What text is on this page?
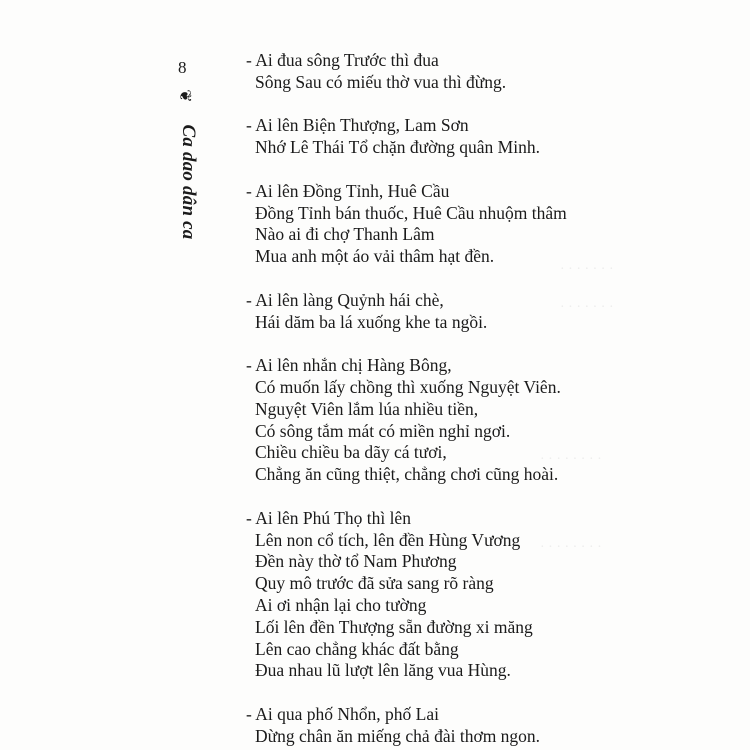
· · · · · · ·
· · · · · · ·
· · · · · · · ·
· · · · · · · ·
8
❦
Ca dao dân ca
- Ai đua sông Trước thì đua
Sông Sau có miếu thờ vua thì đừng.
- Ai lên Biện Thượng, Lam Sơn
Nhớ Lê Thái Tổ chặn đường quân Minh.
- Ai lên Đồng Tỉnh, Huê Cầu
Đồng Tỉnh bán thuốc, Huê Cầu nhuộm thâm
Nào ai đi chợ Thanh Lâm
Mua anh một áo vải thâm hạt đền.
- Ai lên làng Quỷnh hái chè,
Hái dăm ba lá xuống khe ta ngồi.
- Ai lên nhắn chị Hàng Bông,
Có muốn lấy chồng thì xuống Nguyệt Viên.
Nguyệt Viên lắm lúa nhiều tiền,
Có sông tắm mát có miền nghỉ ngơi.
Chiều chiều ba dãy cá tươi,
Chẳng ăn cũng thiệt, chẳng chơi cũng hoài.
- Ai lên Phú Thọ thì lên
Lên non cổ tích, lên đền Hùng Vương
Đền này thờ tổ Nam Phương
Quy mô trước đã sửa sang rõ ràng
Ai ơi nhận lại cho tường
Lối lên đền Thượng sẵn đường xi măng
Lên cao chẳng khác đất bằng
Đua nhau lũ lượt lên lăng vua Hùng.
- Ai qua phố Nhổn, phố Lai
Dừng chân ăn miếng chả đài thơm ngon.
